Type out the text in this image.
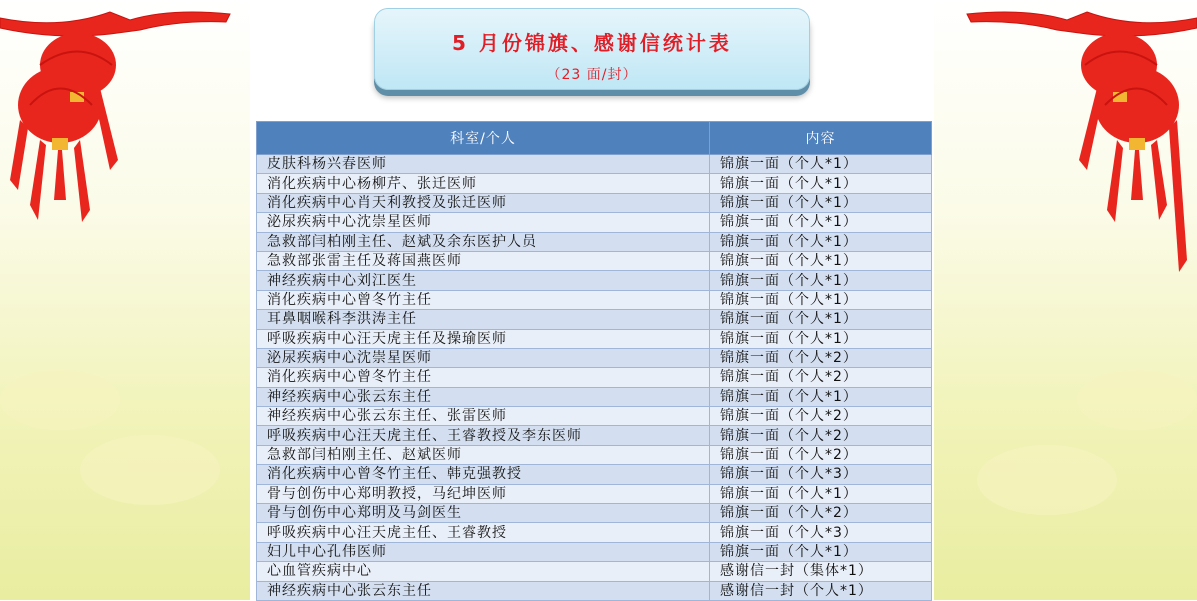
5 月份锦旗、感谢信统计表
（23 面/封）
科室/个人	内容
皮肤科杨兴春医师	锦旗一面（个人*1）
消化疾病中心杨柳芹、张迁医师	锦旗一面（个人*1）
消化疾病中心肖天利教授及张迁医师	锦旗一面（个人*1）
泌尿疾病中心沈崇星医师	锦旗一面（个人*1）
急救部闫柏刚主任、赵斌及余东医护人员	锦旗一面（个人*1）
急救部张雷主任及蒋国燕医师	锦旗一面（个人*1）
神经疾病中心刘江医生	锦旗一面（个人*1）
消化疾病中心曾冬竹主任	锦旗一面（个人*1）
耳鼻咽喉科李洪涛主任	锦旗一面（个人*1）
呼吸疾病中心汪天虎主任及操瑜医师	锦旗一面（个人*1）
泌尿疾病中心沈崇星医师	锦旗一面（个人*2）
消化疾病中心曾冬竹主任	锦旗一面（个人*2）
神经疾病中心张云东主任	锦旗一面（个人*1）
神经疾病中心张云东主任、张雷医师	锦旗一面（个人*2）
呼吸疾病中心汪天虎主任、王睿教授及李东医师	锦旗一面（个人*2）
急救部闫柏刚主任、赵斌医师	锦旗一面（个人*2）
消化疾病中心曾冬竹主任、韩克强教授	锦旗一面（个人*3）
骨与创伤中心郑明教授，马纪坤医师	锦旗一面（个人*1）
骨与创伤中心郑明及马剑医生	锦旗一面（个人*2）
呼吸疾病中心汪天虎主任、王睿教授	锦旗一面（个人*3）
妇儿中心孔伟医师	锦旗一面（个人*1）
心血管疾病中心	感谢信一封（集体*1）
神经疾病中心张云东主任	感谢信一封（个人*1）
